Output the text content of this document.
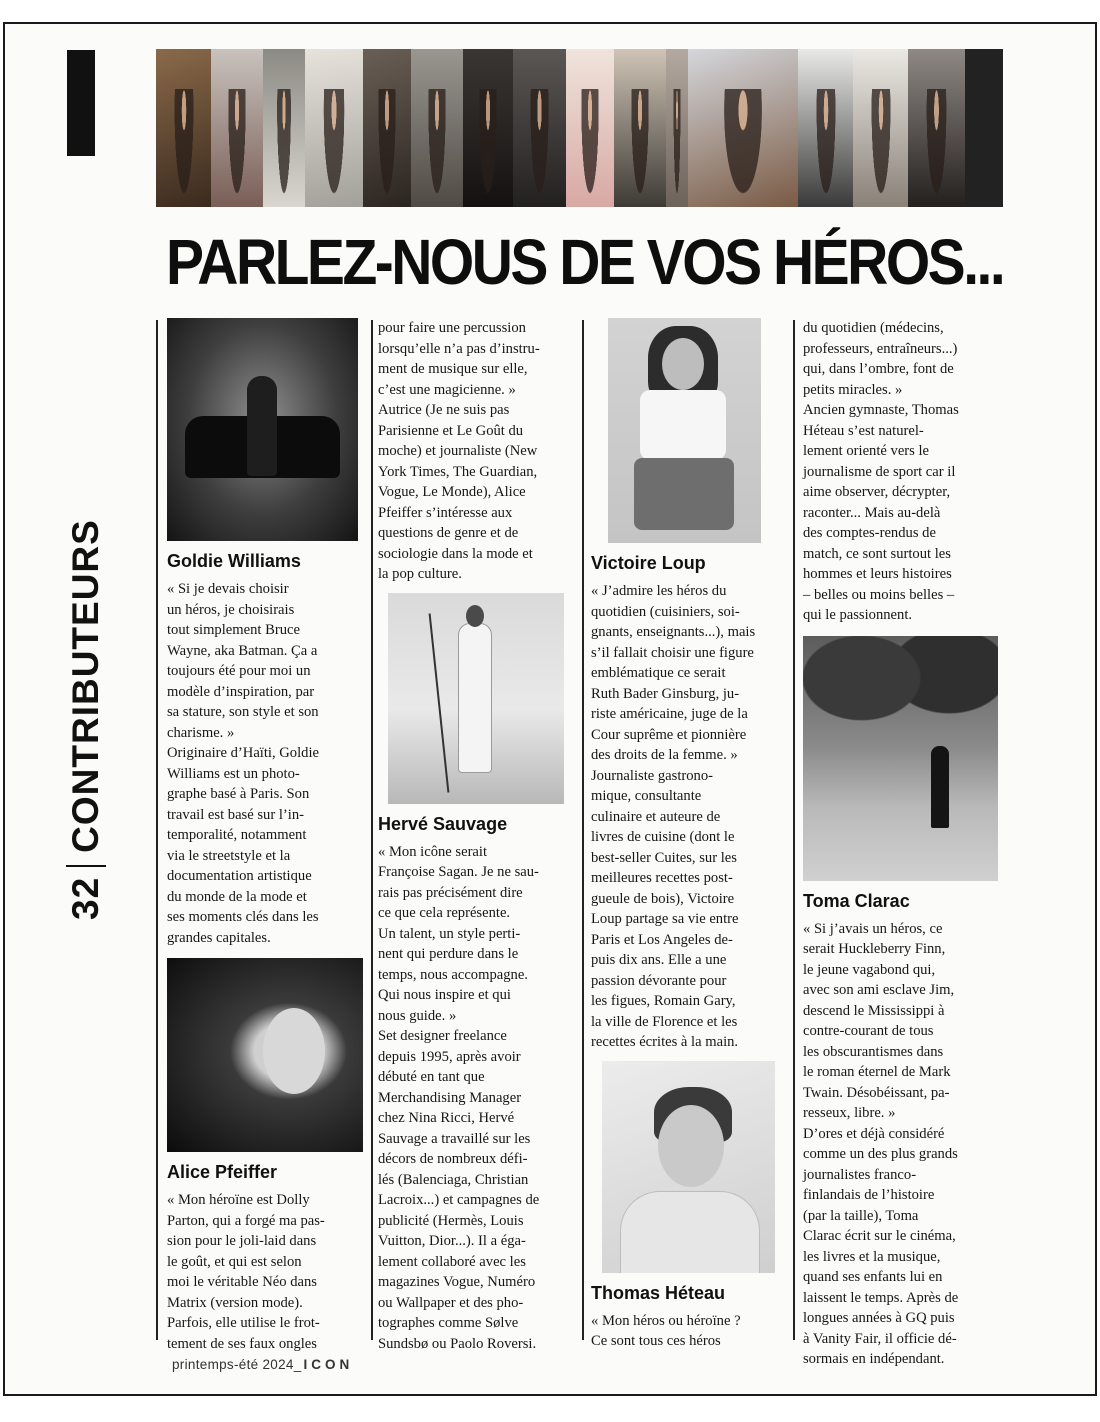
32
CONTRIBUTEURS
PARLEZ-NOUS DE VOS HÉROS...
Goldie Williams
« Si je devais choisir
un héros, je choisirais
tout simplement Bruce
Wayne, aka Batman. Ça a
toujours été pour moi un
modèle d’inspiration, par
sa stature, son style et son
charisme. »
Originaire d’Haïti, Goldie
Williams est un photo-
graphe basé à Paris. Son
travail est basé sur l’in-
temporalité, notamment
via le streetstyle et la
documentation artistique
du monde de la mode et
ses moments clés dans les
grandes capitales.
Alice Pfeiffer
« Mon héroïne est Dolly
Parton, qui a forgé ma pas-
sion pour le joli-laid dans
le goût, et qui est selon
moi le véritable Néo dans
Matrix (version mode).
Parfois, elle utilise le frot-
tement de ses faux ongles
pour faire une percussion
lorsqu’elle n’a pas d’instru-
ment de musique sur elle,
c’est une magicienne. »
Autrice (Je ne suis pas
Parisienne et Le Goût du
moche) et journaliste (New
York Times, The Guardian,
Vogue, Le Monde), Alice
Pfeiffer s’intéresse aux
questions de genre et de
sociologie dans la mode et
la pop culture.
Hervé Sauvage
« Mon icône serait
Françoise Sagan. Je ne sau-
rais pas précisément dire
ce que cela représente.
Un talent, un style perti-
nent qui perdure dans le
temps, nous accompagne.
Qui nous inspire et qui
nous guide. »
Set designer freelance
depuis 1995, après avoir
débuté en tant que
Merchandising Manager
chez Nina Ricci, Hervé
Sauvage a travaillé sur les
décors de nombreux défi-
lés (Balenciaga, Christian
Lacroix...) et campagnes de
publicité (Hermès, Louis
Vuitton, Dior...). Il a éga-
lement collaboré avec les
magazines Vogue, Numéro
ou Wallpaper et des pho-
tographes comme Sølve
Sundsbø ou Paolo Roversi.
Victoire Loup
« J’admire les héros du
quotidien (cuisiniers, soi-
gnants, enseignants...), mais
s’il fallait choisir une figure
emblématique ce serait
Ruth Bader Ginsburg, ju-
riste américaine, juge de la
Cour suprême et pionnière
des droits de la femme. »
Journaliste gastrono-
mique, consultante
culinaire et auteure de
livres de cuisine (dont le
best-seller Cuites, sur les
meilleures recettes post-
gueule de bois), Victoire
Loup partage sa vie entre
Paris et Los Angeles de-
puis dix ans. Elle a une
passion dévorante pour
les figues, Romain Gary,
la ville de Florence et les
recettes écrites à la main.
Thomas Héteau
« Mon héros ou héroïne ?
Ce sont tous ces héros
du quotidien (médecins,
professeurs, entraîneurs...)
qui, dans l’ombre, font de
petits miracles. »
Ancien gymnaste, Thomas
Héteau s’est naturel-
lement orienté vers le
journalisme de sport car il
aime observer, décrypter,
raconter... Mais au-delà
des comptes-rendus de
match, ce sont surtout les
hommes et leurs histoires
– belles ou moins belles –
qui le passionnent.
Toma Clarac
« Si j’avais un héros, ce
serait Huckleberry Finn,
le jeune vagabond qui,
avec son ami esclave Jim,
descend le Mississippi à
contre-courant de tous
les obscurantismes dans
le roman éternel de Mark
Twain. Désobéissant, pa-
resseux, libre. »
D’ores et déjà considéré
comme un des plus grands
journalistes franco-
finlandais de l’histoire
(par la taille), Toma
Clarac écrit sur le cinéma,
les livres et la musique,
quand ses enfants lui en
laissent le temps. Après de
longues années à GQ puis
à Vanity Fair, il officie dé-
sormais en indépendant.
printemps-été 2024_ ICON
